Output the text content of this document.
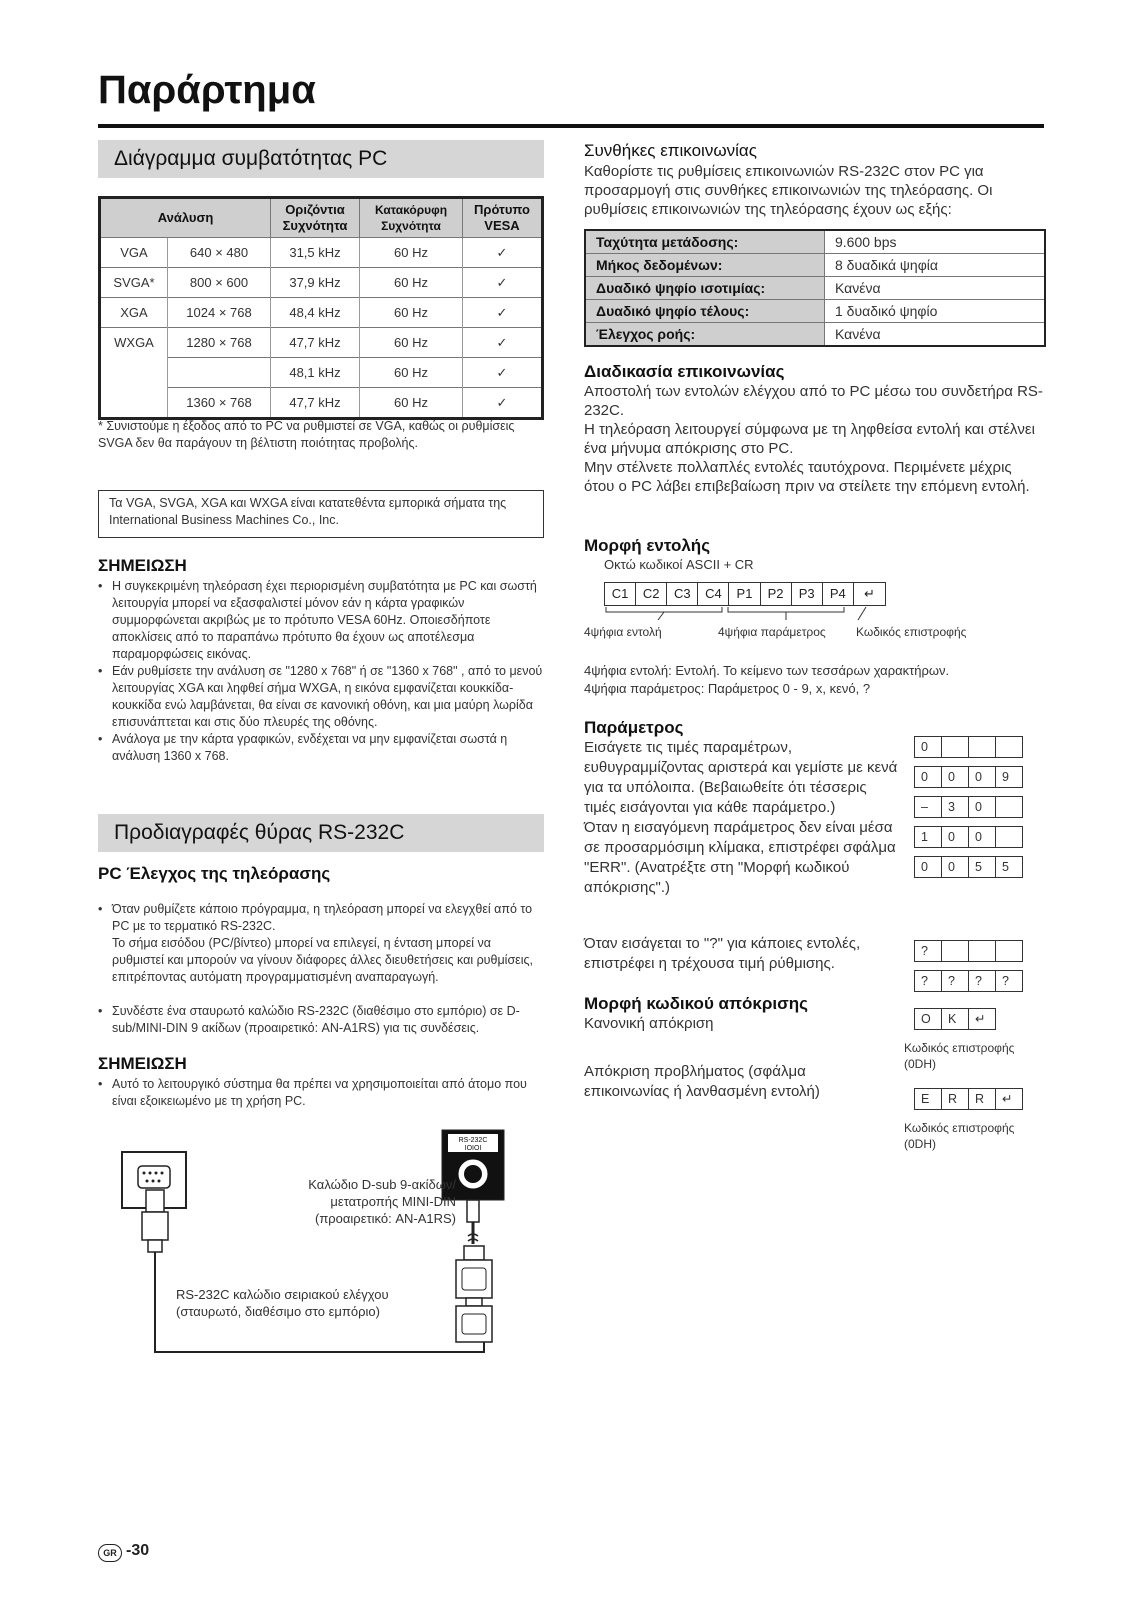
Παράρτημα
Διάγραμμα συμβατότητας PC
Ανάλυση		Οριζόντια Συχνότητα	Κατακόρυφη Συχνότητα	Πρότυπο VESA
VGA	640 × 480	31,5 kHz	60 Hz	✓
SVGA*	800 × 600	37,9 kHz	60 Hz	✓
XGA	1024 × 768	48,4 kHz	60 Hz	✓
WXGA	1280 × 768	47,7 kHz	60 Hz	✓
		48,1 kHz	60 Hz	✓
	1360 × 768	47,7 kHz	60 Hz	✓
* Συνιστούμε η έξοδος από το PC να ρυθμιστεί σε VGA, καθώς οι ρυθμίσεις SVGA δεν θα παράγουν τη βέλτιστη ποιότητας προβολής.
Τα VGA, SVGA, XGA και WXGA είναι κατατεθέντα εμπορικά σήματα της International Business Machines Co., Inc.
ΣΗΜΕΙΩΣΗ
• Η συγκεκριμένη τηλεόραση έχει περιορισμένη συμβατότητα με PC και σωστή λειτουργία μπορεί να εξασφαλιστεί μόνον εάν η κάρτα γραφικών συμμορφώνεται ακριβώς με το πρότυπο VESA 60Hz. Οποιεσδήποτε αποκλίσεις από το παραπάνω πρότυπο θα έχουν ως αποτέλεσμα παραμορφώσεις εικόνας.
• Εάν ρυθμίσετε την ανάλυση σε "1280 x 768" ή σε "1360 x 768" , από το μενού λειτουργίας XGA και ληφθεί σήμα WXGA, η εικόνα εμφανίζεται κουκκίδα-κουκκίδα ενώ λαμβάνεται, θα είναι σε κανονική οθόνη, και μια μαύρη λωρίδα επισυνάπτεται και στις δύο πλευρές της οθόνης.
• Ανάλογα με την κάρτα γραφικών, ενδέχεται να μην εμφανίζεται σωστά η ανάλυση 1360 x 768.
Προδιαγραφές θύρας RS-232C
PC Έλεγχος της τηλεόρασης

• Όταν ρυθμίζετε κάποιο πρόγραμμα, η τηλεόραση μπορεί να ελεγχθεί από το PC με το τερματικό RS-232C.
Το σήμα εισόδου (PC/βίντεο) μπορεί να επιλεγεί, η ένταση μπορεί να ρυθμιστεί και μπορούν να γίνουν διάφορες άλλες διευθετήσεις και ρυθμίσεις, επιτρέποντας αυτόματη προγραμματισμένη αναπαραγωγή.

• Συνδέστε ένα σταυρωτό καλώδιο RS-232C (διαθέσιμο στο εμπόριο) σε D-sub/MINI-DIN 9 ακίδων (προαιρετικό: AN-A1RS) για τις συνδέσεις.

ΣΗΜΕΙΩΣΗ
• Αυτό το λειτουργικό σύστημα θα πρέπει να χρησιμοποιείται από άτομο που είναι εξοικειωμένο με τη χρήση PC.
RS-232C
IOIOI
Καλώδιο D-sub 9-ακίδων/
μετατροπής MINI-DIN
(προαιρετικό: AN-A1RS)
RS-232C καλώδιο σειριακού ελέγχου
(σταυρωτό, διαθέσιμο στο εμπόριο)
Συνθήκες επικοινωνίας
Καθορίστε τις ρυθμίσεις επικοινωνιών RS-232C στον PC για προσαρμογή στις συνθήκες επικοινωνιών της τηλεόρασης. Οι ρυθμίσεις επικοινωνιών της τηλεόρασης έχουν ως εξής:
Ταχύτητα μετάδοσης:	9.600 bps
Μήκος δεδομένων:	8 δυαδικά ψηφία
Δυαδικό ψηφίο ισοτιμίας:	Κανένα
Δυαδικό ψηφίο τέλους:	1 δυαδικό ψηφίο
Έλεγχος ροής:	Κανένα
Διαδικασία επικοινωνίας
Αποστολή των εντολών ελέγχου από το PC μέσω του συνδετήρα RS-232C.
Η τηλεόραση λειτουργεί σύμφωνα με τη ληφθείσα εντολή και στέλνει ένα μήνυμα απόκρισης στο PC.
Μην στέλνετε πολλαπλές εντολές ταυτόχρονα. Περιμένετε μέχρις ότου ο PC λάβει επιβεβαίωση πριν να στείλετε την επόμενη εντολή.
Μορφή εντολής
Οκτώ κωδικοί ASCII + CR
C1	C2	C3	C4	P1	P2	P3	P4	↵
4ψήφια εντολή	4ψήφια παράμετρος	Κωδικός επιστροφής
4ψήφια εντολή: Εντολή. Το κείμενο των τεσσάρων χαρακτήρων.
4ψήφια παράμετρος: Παράμετρος 0 - 9, x, κενό, ?
Παράμετρος
Εισάγετε τις τιμές παραμέτρων, ευθυγραμμίζοντας αριστερά και γεμίστε με κενά για τα υπόλοιπα. (Βεβαιωθείτε ότι τέσσερις τιμές εισάγονται για κάθε παράμετρο.)
Όταν η εισαγόμενη παράμετρος δεν είναι μέσα σε προσαρμόσιμη κλίμακα, επιστρέφει σφάλμα "ERR". (Ανατρέξτε στη "Μορφή κωδικού απόκρισης".)
Όταν εισάγεται το "?" για κάποιες εντολές, επιστρέφει η τρέχουσα τιμή ρύθμισης.
0
0	0	0	9
–	3	0
1	0	0
0	0	5	5
?
?	?	?	?
Μορφή κωδικού απόκρισης
Κανονική απόκριση
Απόκριση προβλήματος (σφάλμα επικοινωνίας ή λανθασμένη εντολή)
O	K	↵
E	R	R	↵
Κωδικός επιστροφής
(0DH)
Κωδικός επιστροφής
(0DH)
GR -30
